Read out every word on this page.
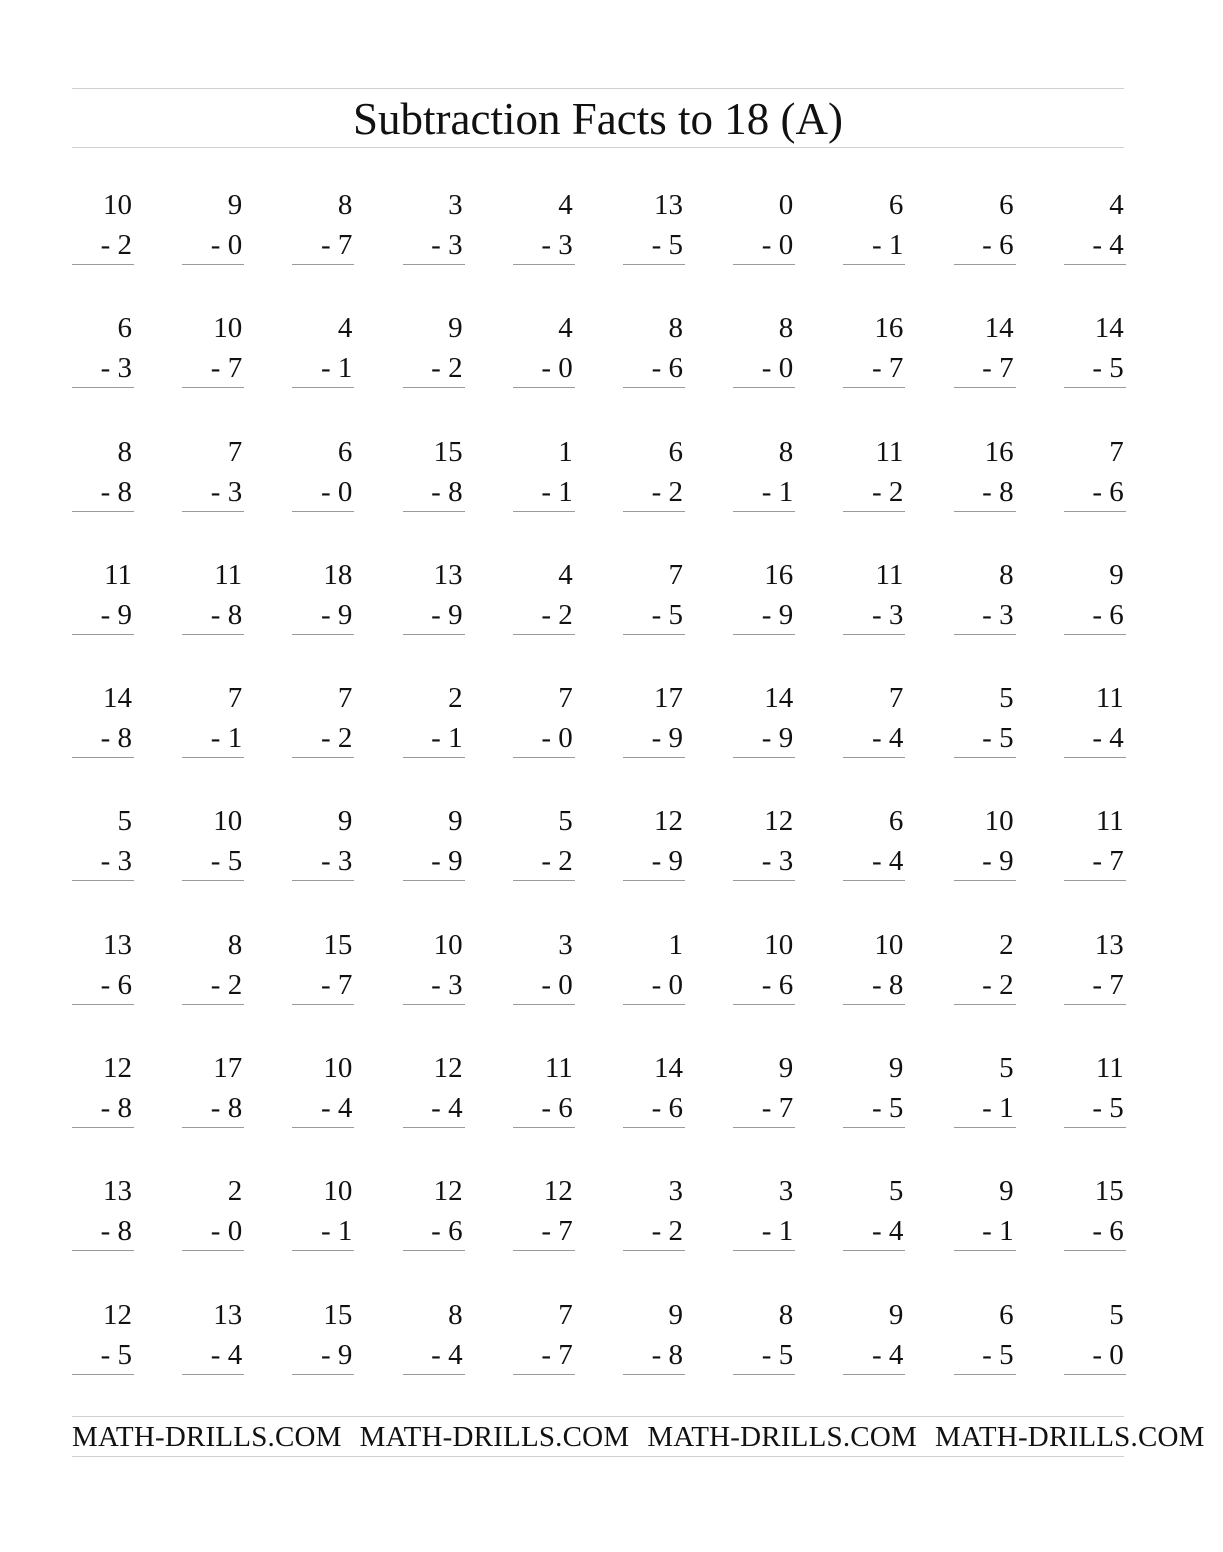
Subtraction Facts to 18 (A)
10
- 2
9
- 0
8
- 7
3
- 3
4
- 3
13
- 5
0
- 0
6
- 1
6
- 6
4
- 4
6
- 3
10
- 7
4
- 1
9
- 2
4
- 0
8
- 6
8
- 0
16
- 7
14
- 7
14
- 5
8
- 8
7
- 3
6
- 0
15
- 8
1
- 1
6
- 2
8
- 1
11
- 2
16
- 8
7
- 6
11
- 9
11
- 8
18
- 9
13
- 9
4
- 2
7
- 5
16
- 9
11
- 3
8
- 3
9
- 6
14
- 8
7
- 1
7
- 2
2
- 1
7
- 0
17
- 9
14
- 9
7
- 4
5
- 5
11
- 4
5
- 3
10
- 5
9
- 3
9
- 9
5
- 2
12
- 9
12
- 3
6
- 4
10
- 9
11
- 7
13
- 6
8
- 2
15
- 7
10
- 3
3
- 0
1
- 0
10
- 6
10
- 8
2
- 2
13
- 7
12
- 8
17
- 8
10
- 4
12
- 4
11
- 6
14
- 6
9
- 7
9
- 5
5
- 1
11
- 5
13
- 8
2
- 0
10
- 1
12
- 6
12
- 7
3
- 2
3
- 1
5
- 4
9
- 1
15
- 6
12
- 5
13
- 4
15
- 9
8
- 4
7
- 7
9
- 8
8
- 5
9
- 4
6
- 5
5
- 0
MATH-DRILLS.COM MATH-DRILLS.COM MATH-DRILLS.COM MATH-DRILLS.COM
